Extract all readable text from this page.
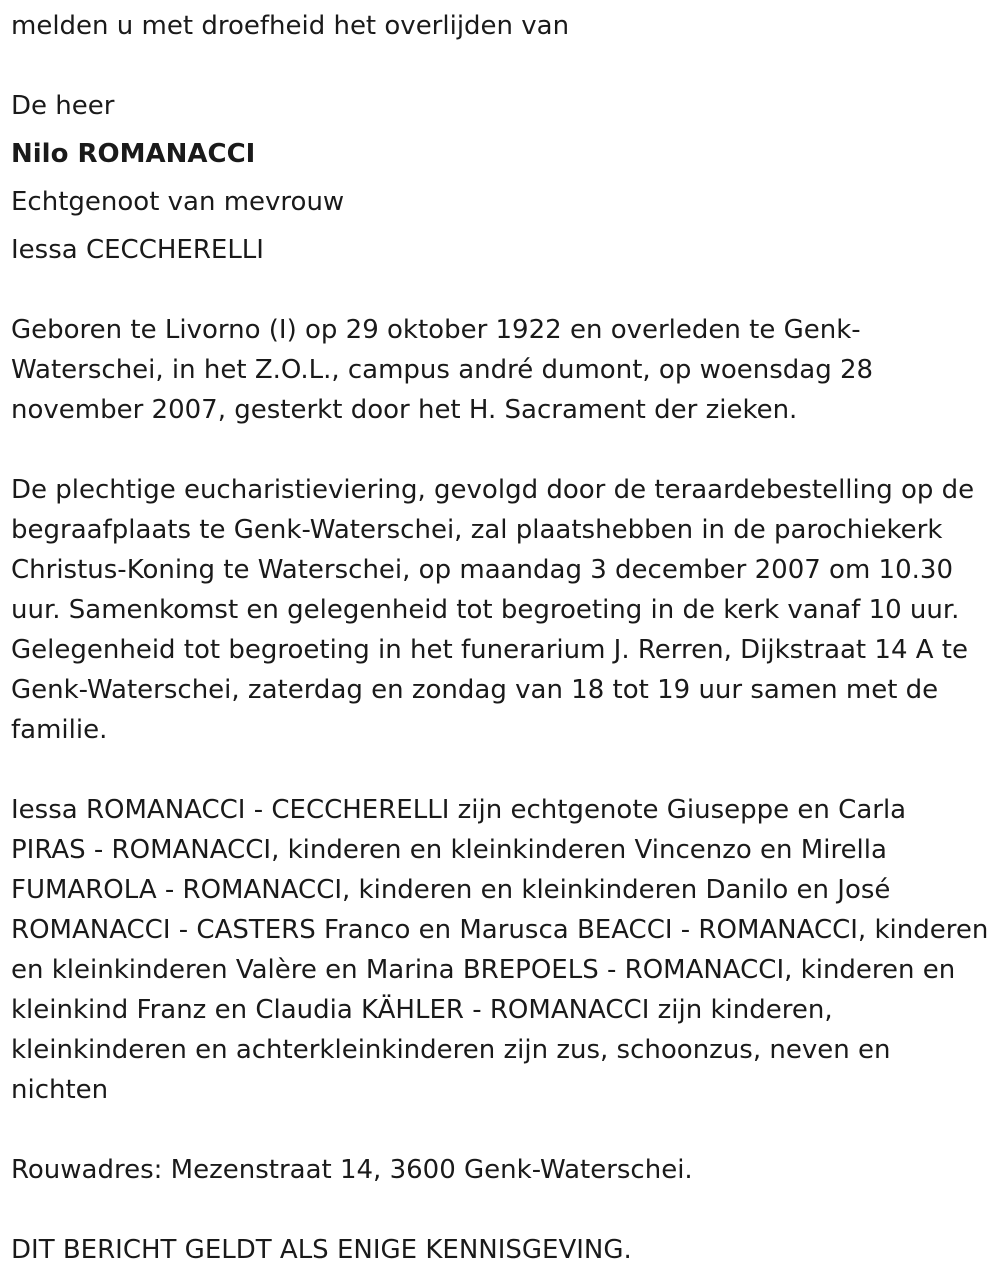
melden u met droefheid het overlijden van
De heer
Nilo ROMANACCI
Echtgenoot van mevrouw
Iessa CECCHERELLI
Geboren te Livorno (I) op 29 oktober 1922 en overleden te Genk-Waterschei, in het Z.O.L., campus andré dumont, op woensdag 28 november 2007, gesterkt door het H. Sacrament der zieken.
De plechtige eucharistieviering, gevolgd door de teraardebestelling op de begraafplaats te Genk-Waterschei, zal plaatshebben in de parochiekerk Christus-Koning te Waterschei, op maandag 3 december 2007 om 10.30 uur. Samenkomst en gelegenheid tot begroeting in de kerk vanaf 10 uur. Gelegenheid tot begroeting in het funerarium J. Rerren, Dijkstraat 14 A te Genk-Waterschei, zaterdag en zondag van 18 tot 19 uur samen met de familie.
Iessa ROMANACCI - CECCHERELLI zijn echtgenote Giuseppe en Carla PIRAS - ROMANACCI, kinderen en kleinkinderen Vincenzo en Mirella FUMAROLA - ROMANACCI, kinderen en kleinkinderen Danilo en José ROMANACCI - CASTERS Franco en Marusca BEACCI - ROMANACCI, kinderen en kleinkinderen Valère en Marina BREPOELS - ROMANACCI, kinderen en kleinkind Franz en Claudia KÄHLER - ROMANACCI zijn kinderen, kleinkinderen en achterkleinkinderen zijn zus, schoonzus, neven en nichten
Rouwadres: Mezenstraat 14, 3600 Genk-Waterschei.
DIT BERICHT GELDT ALS ENIGE KENNISGEVING.
